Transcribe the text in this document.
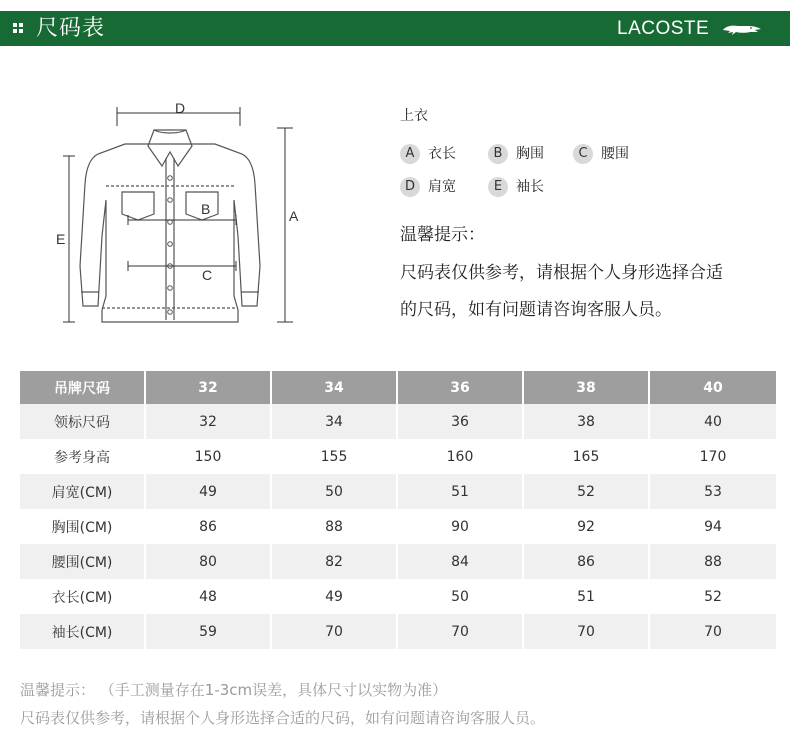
尺码表	LACOSTE
D
A
E
B
C
上衣
A 衣长	B 胸围	C 腰围
D 肩宽	E 袖长
温馨提示：
尺码表仅供参考，请根据个人身形选择合适
的尺码，如有问题请咨询客服人员。
吊牌尺码	32	34	36	38	40
领标尺码	32	34	36	38	40
参考身高	150	155	160	165	170
肩宽(CM)	49	50	51	52	53
胸围(CM)	86	88	90	92	94
腰围(CM)	80	82	84	86	88
衣长(CM)	48	49	50	51	52
袖长(CM)	59	70	70	70	70
温馨提示： （手工测量存在1-3cm误差，具体尺寸以实物为准）
尺码表仅供参考，请根据个人身形选择合适的尺码，如有问题请咨询客服人员。
